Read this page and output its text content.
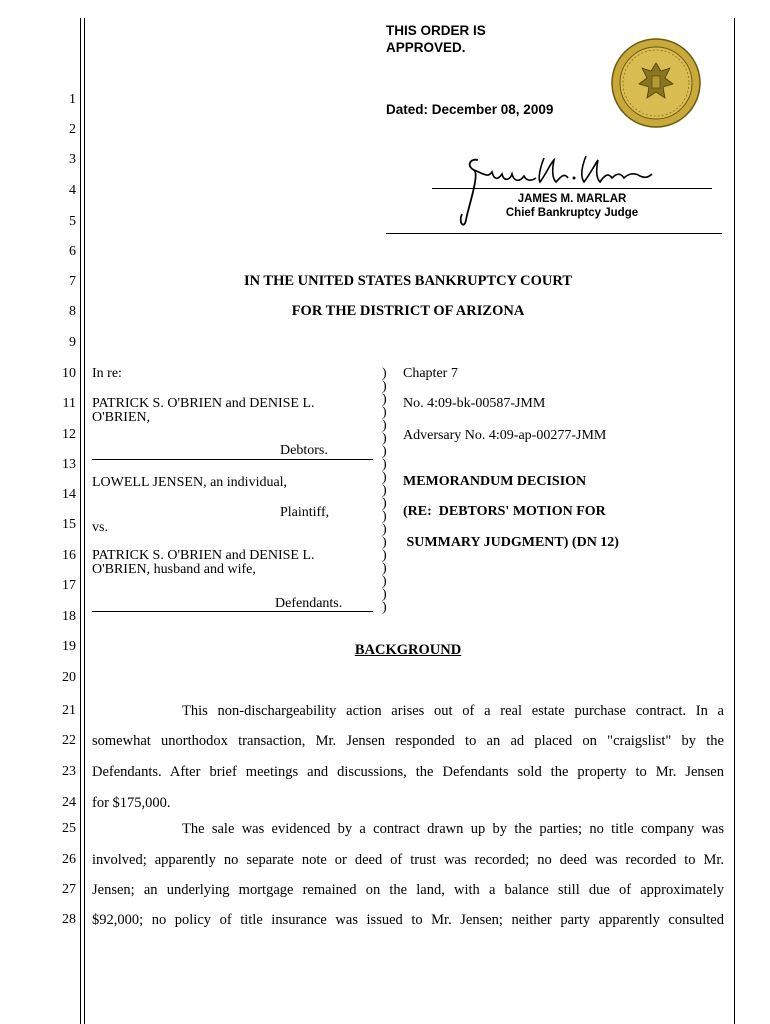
1
2
3
4
5
6
7
8
9
10
11
12
13
14
15
16
17
18
19
20
21
22
23
24
25
26
27
28
THIS ORDER IS
APPROVED.
Dated: December 08, 2009
JAMES M. MARLAR
Chief Bankruptcy Judge
IN THE UNITED STATES BANKRUPTCY COURT
FOR THE DISTRICT OF ARIZONA
In re:
PATRICK S. O'BRIEN and DENISE L.
O'BRIEN,
Debtors.
LOWELL JENSEN, an individual,
Plaintiff,
vs.
PATRICK S. O'BRIEN and DENISE L.
O'BRIEN, husband and wife,
Defendants.
)
)
)
)
)
)
)
)
)
)
)
)
)
)
)
)
)
)
)
Chapter 7
No. 4:09-bk-00587-JMM
Adversary No. 4:09-ap-00277-JMM
MEMORANDUM DECISION
(RE:  DEBTORS' MOTION FOR
SUMMARY JUDGMENT) (DN 12)
BACKGROUND
This non-dischargeability action arises out of a real estate purchase contract. In a
somewhat unorthodox transaction, Mr. Jensen responded to an ad placed on "craigslist" by the
Defendants. After brief meetings and discussions, the Defendants sold the property to Mr. Jensen
for $175,000.
The sale was evidenced by a contract drawn up by the parties; no title company was
involved; apparently no separate note or deed of trust was recorded; no deed was recorded to Mr.
Jensen; an underlying mortgage remained on the land, with a balance still due of approximately
$92,000; no policy of title insurance was issued to Mr. Jensen; neither party apparently consulted
